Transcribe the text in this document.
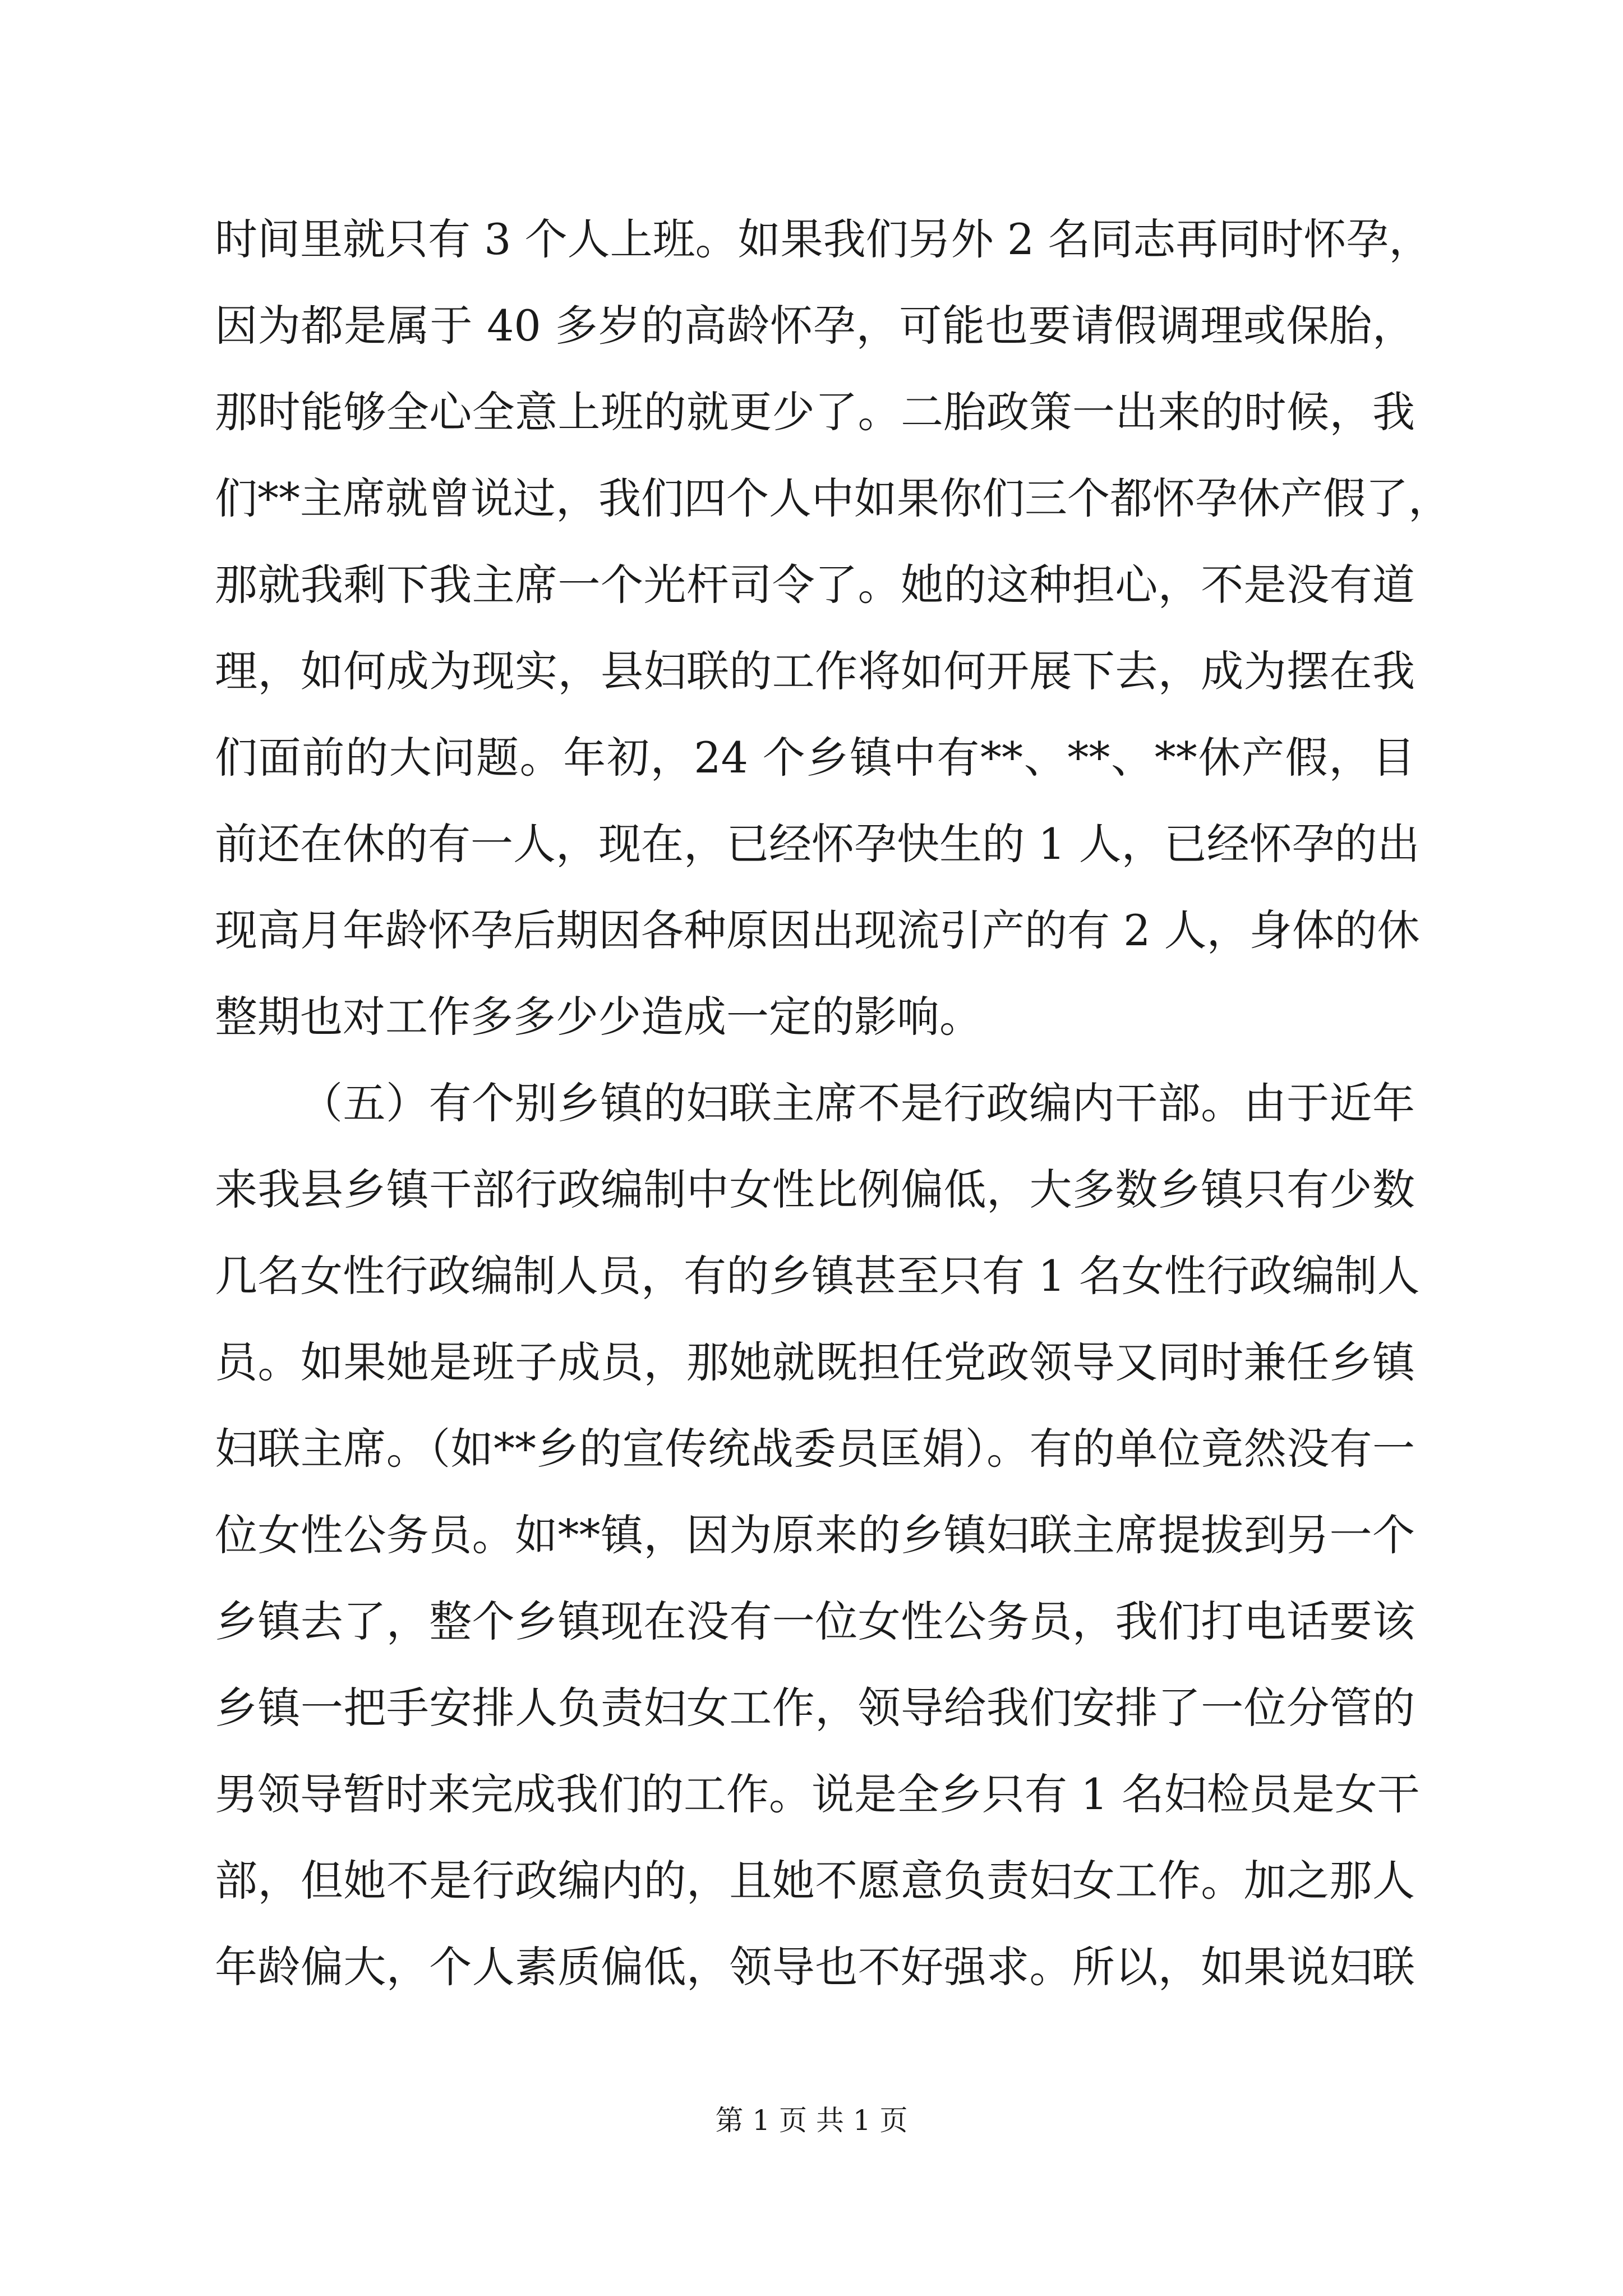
时间里就只有 3 个人上班。如果我们另外 2 名同志再同时怀孕，
因为都是属于 40 多岁的高龄怀孕，可能也要请假调理或保胎，
那时能够全心全意上班的就更少了。二胎政策一出来的时候，我
们**主席就曾说过，我们四个人中如果你们三个都怀孕休产假了，
那就我剩下我主席一个光杆司令了。她的这种担心，不是没有道
理，如何成为现实，县妇联的工作将如何开展下去，成为摆在我
们面前的大问题。年初，24 个乡镇中有**、**、**休产假，目
前还在休的有一人，现在，已经怀孕快生的 1 人，已经怀孕的出
现高月年龄怀孕后期因各种原因出现流引产的有 2 人，身体的休
整期也对工作多多少少造成一定的影响。
（五）有个别乡镇的妇联主席不是行政编内干部。由于近年
来我县乡镇干部行政编制中女性比例偏低，大多数乡镇只有少数
几名女性行政编制人员，有的乡镇甚至只有 1 名女性行政编制人
员。如果她是班子成员，那她就既担任党政领导又同时兼任乡镇
妇联主席。（如**乡的宣传统战委员匡娟）。有的单位竟然没有一
位女性公务员。如**镇，因为原来的乡镇妇联主席提拔到另一个
乡镇去了，整个乡镇现在没有一位女性公务员，我们打电话要该
乡镇一把手安排人负责妇女工作，领导给我们安排了一位分管的
男领导暂时来完成我们的工作。说是全乡只有 1 名妇检员是女干
部，但她不是行政编内的，且她不愿意负责妇女工作。加之那人
年龄偏大，个人素质偏低，领导也不好强求。所以，如果说妇联
第 1 页 共 1 页
